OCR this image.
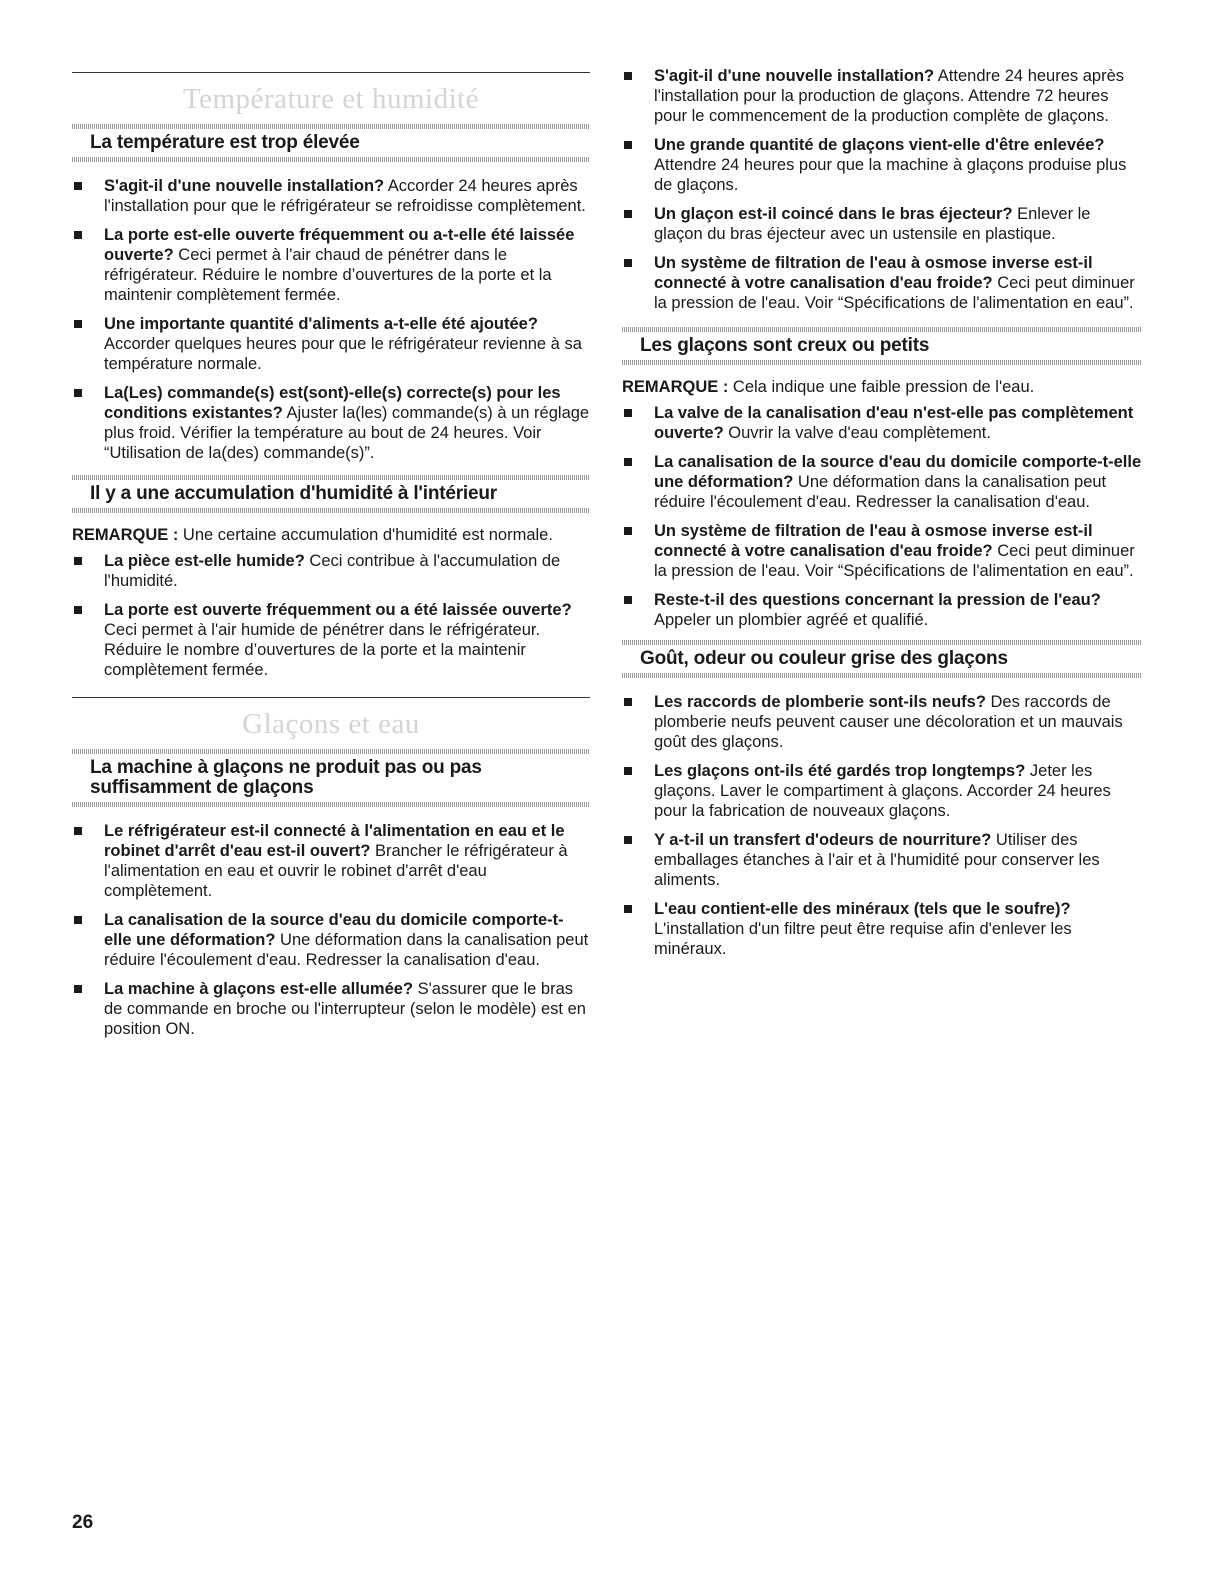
Température et humidité
La température est trop élevée
S'agit-il d'une nouvelle installation? Accorder 24 heures après l'installation pour que le réfrigérateur se refroidisse complètement.
La porte est-elle ouverte fréquemment ou a-t-elle été laissée ouverte? Ceci permet à l'air chaud de pénétrer dans le réfrigérateur. Réduire le nombre d’ouvertures de la porte et la maintenir complètement fermée.
Une importante quantité d'aliments a-t-elle été ajoutée? Accorder quelques heures pour que le réfrigérateur revienne à sa température normale.
La(Les) commande(s) est(sont)-elle(s) correcte(s) pour les conditions existantes? Ajuster la(les) commande(s) à un réglage plus froid. Vérifier la température au bout de 24 heures. Voir “Utilisation de la(des) commande(s)”.
Il y a une accumulation d'humidité à l'intérieur

REMARQUE : Une certaine accumulation d'humidité est normale.

La pièce est-elle humide? Ceci contribue à l'accumulation de l'humidité.
La porte est ouverte fréquemment ou a été laissée ouverte? Ceci permet à l'air humide de pénétrer dans le réfrigérateur. Réduire le nombre d’ouvertures de la porte et la maintenir complètement fermée.
Glaçons et eau
La machine à glaçons ne produit pas ou pas suffisamment de glaçons
Le réfrigérateur est-il connecté à l'alimentation en eau et le robinet d'arrêt d'eau est-il ouvert? Brancher le réfrigérateur à l'alimentation en eau et ouvrir le robinet d'arrêt d'eau complètement.
La canalisation de la source d'eau du domicile comporte-t-elle une déformation? Une déformation dans la canalisation peut réduire l'écoulement d'eau. Redresser la canalisation d'eau.
La machine à glaçons est-elle allumée? S'assurer que le bras de commande en broche ou l'interrupteur (selon le modèle) est en position ON.
S'agit-il d'une nouvelle installation? Attendre 24 heures après l'installation pour la production de glaçons. Attendre 72 heures pour le commencement de la production complète de glaçons.
Une grande quantité de glaçons vient-elle d'être enlevée? Attendre 24 heures pour que la machine à glaçons produise plus de glaçons.
Un glaçon est-il coincé dans le bras éjecteur? Enlever le glaçon du bras éjecteur avec un ustensile en plastique.
Un système de filtration de l'eau à osmose inverse est-il connecté à votre canalisation d'eau froide? Ceci peut diminuer la pression de l'eau. Voir “Spécifications de l'alimentation en eau”.
Les glaçons sont creux ou petits

REMARQUE : Cela indique une faible pression de l'eau.

La valve de la canalisation d'eau n'est-elle pas complètement ouverte? Ouvrir la valve d'eau complètement.
La canalisation de la source d'eau du domicile comporte-t-elle une déformation? Une déformation dans la canalisation peut réduire l'écoulement d'eau. Redresser la canalisation d'eau.
Un système de filtration de l'eau à osmose inverse est-il connecté à votre canalisation d'eau froide? Ceci peut diminuer la pression de l'eau. Voir “Spécifications de l'alimentation en eau”.
Reste-t-il des questions concernant la pression de l'eau? Appeler un plombier agréé et qualifié.
Goût, odeur ou couleur grise des glaçons
Les raccords de plomberie sont-ils neufs? Des raccords de plomberie neufs peuvent causer une décoloration et un mauvais goût des glaçons.
Les glaçons ont-ils été gardés trop longtemps? Jeter les glaçons. Laver le compartiment à glaçons. Accorder 24 heures pour la fabrication de nouveaux glaçons.
Y a-t-il un transfert d'odeurs de nourriture? Utiliser des emballages étanches à l'air et à l'humidité pour conserver les aliments.
L'eau contient-elle des minéraux (tels que le soufre)? L'installation d'un filtre peut être requise afin d'enlever les minéraux.
26
